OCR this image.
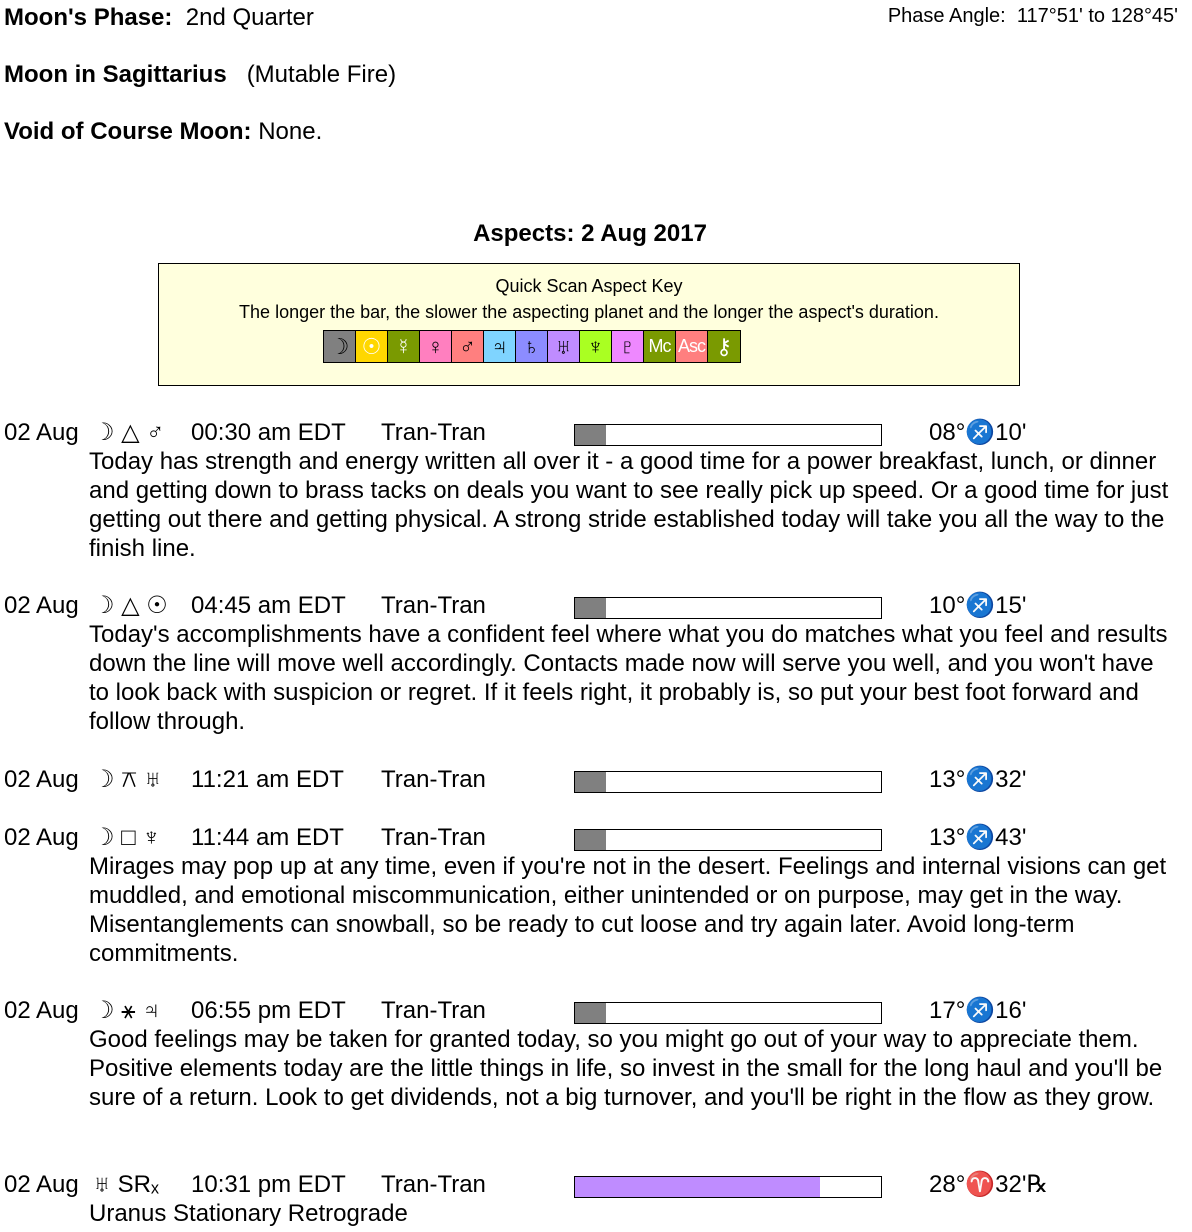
Moon's Phase: 2nd Quarter	Phase Angle: 117°51' to 128°45'
Moon in Sagittarius (Mutable Fire)
Void of Course Moon: None.
Aspects: 2 Aug 2017
Quick Scan Aspect Key
The longer the bar, the slower the aspecting planet and the longer the aspect's duration.
☽ ☉ ☿ ♀ ♂ ♃ ♄ ♅ ♆ ♇ Mc Asc ⚷
02 Aug ☽ △ ♂ 00:30 am EDT Tran-Tran	08°♐10'
Today has strength and energy written all over it - a good time for a power breakfast, lunch, or dinner and getting down to brass tacks on deals you want to see really pick up speed. Or a good time for just getting out there and getting physical. A strong stride established today will take you all the way to the finish line.
02 Aug ☽ △ ☉ 04:45 am EDT Tran-Tran	10°♐15'
Today's accomplishments have a confident feel where what you do matches what you feel and results down the line will move well accordingly. Contacts made now will serve you well, and you won't have to look back with suspicion or regret. If it feels right, it probably is, so put your best foot forward and follow through.
02 Aug ☽ ⚻ ♅ 11:21 am EDT Tran-Tran	13°♐32'
02 Aug ☽ □ ♆ 11:44 am EDT Tran-Tran	13°♐43'
Mirages may pop up at any time, even if you're not in the desert. Feelings and internal visions can get muddled, and emotional miscommunication, either unintended or on purpose, may get in the way. Misentanglements can snowball, so be ready to cut loose and try again later. Avoid long-term commitments.
02 Aug ☽ ⚹ ♃ 06:55 pm EDT Tran-Tran	17°♐16'
Good feelings may be taken for granted today, so you might go out of your way to appreciate them. Positive elements today are the little things in life, so invest in the small for the long haul and you'll be sure of a return. Look to get dividends, not a big turnover, and you'll be right in the flow as they grow.
02 Aug ♅ SRₓ 10:31 pm EDT Tran-Tran	28°♈32'℞
Uranus Stationary Retrograde
